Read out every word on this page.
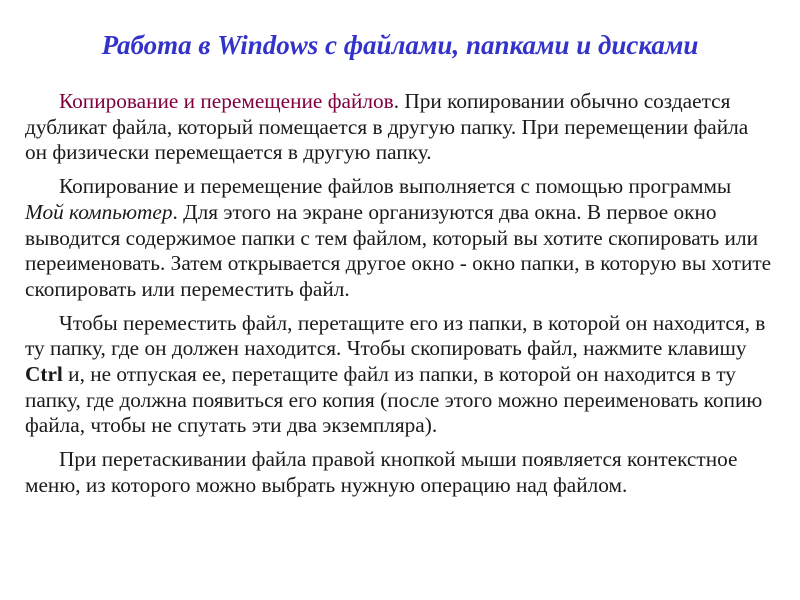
Работа в Windows с файлами, папками и дисками

Копирование и перемещение файлов. При копировании обычно создается дубликат файла, который помещается в другую папку. При перемещении файла он физически перемещается в другую папку.

Копирование и перемещение файлов выполняется с помощью программы Мой компьютер. Для этого на экране организуются два окна. В первое окно выводится содержимое папки с тем файлом, который вы хотите скопировать или переименовать. Затем открывается другое окно - окно папки, в которую вы хотите скопировать или переместить файл.

Чтобы переместить файл, перетащите его из папки, в которой он находится, в ту папку, где он должен находится. Чтобы скопировать файл, нажмите клавишу Ctrl и, не отпуская ее, перетащите файл из папки, в которой он находится в ту папку, где должна появиться его копия (после этого можно переименовать копию файла, чтобы не спутать эти два экземпляра).

При перетаскивании файла правой кнопкой мыши появляется контекстное меню, из которого можно выбрать нужную операцию над файлом.
